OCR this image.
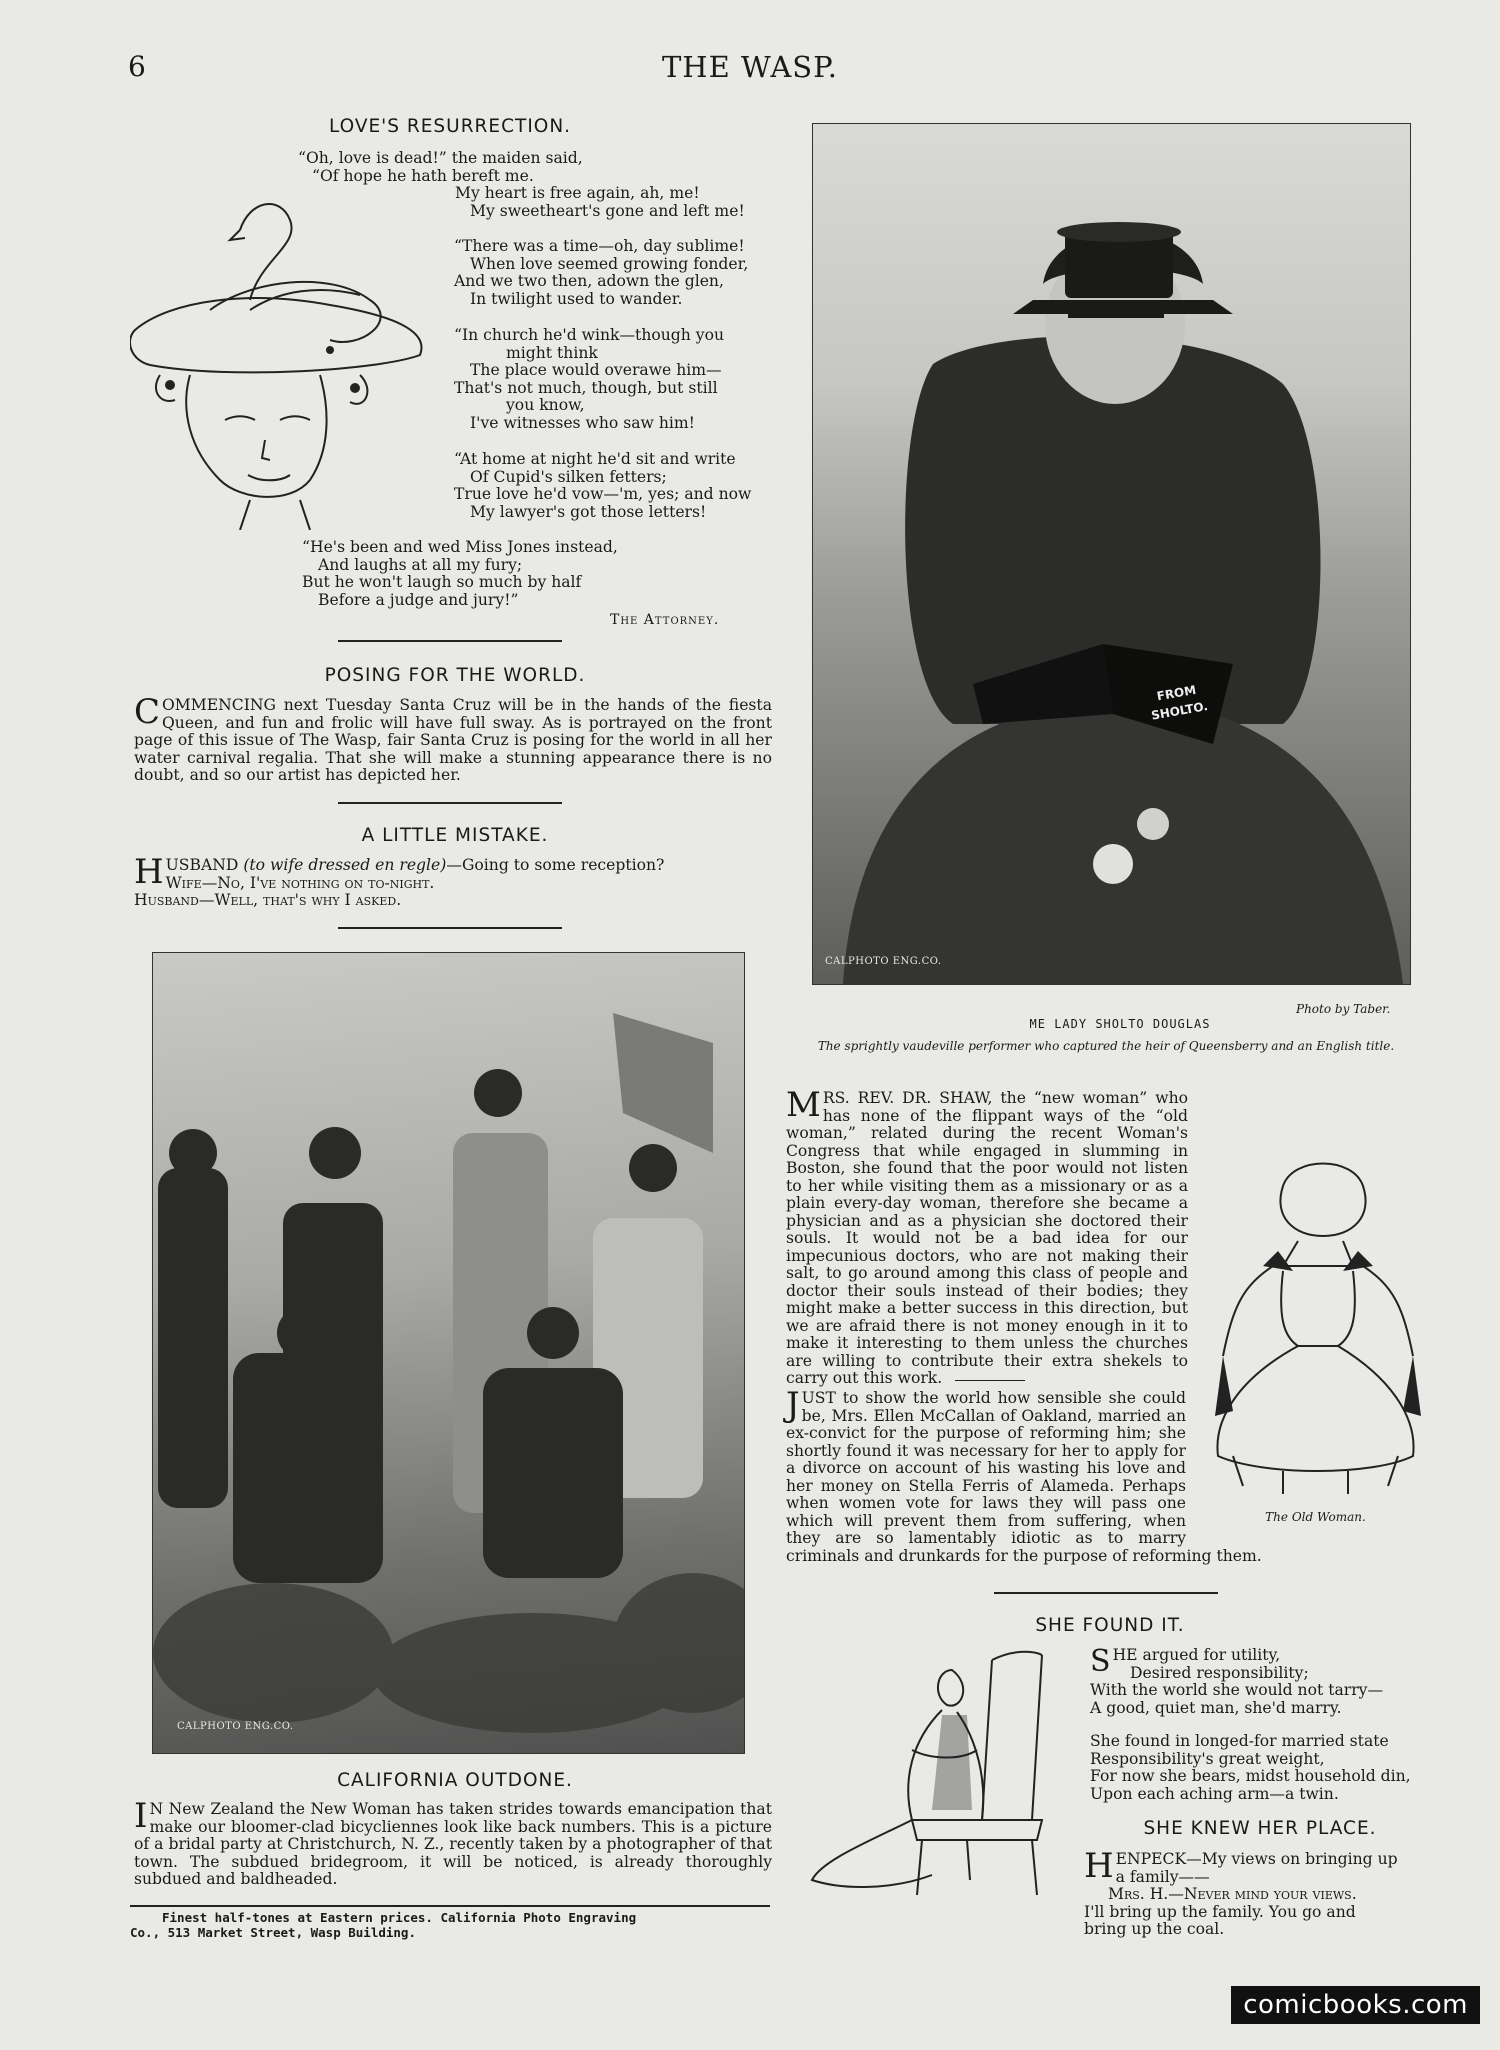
6	THE WASP.
LOVE'S RESURRECTION.
“Oh, love is dead!” the maiden said,
“Of hope he hath bereft me.
My heart is free again, ah, me!
My sweetheart's gone and left me!
“There was a time—oh, day sublime!
When love seemed growing fonder,
And we two then, adown the glen,
In twilight used to wander.
“In church he'd wink—though you
might think
The place would overawe him—
That's not much, though, but still
you know,
I've witnesses who saw him!
“At home at night he'd sit and write
Of Cupid's silken fetters;
True love he'd vow—'m, yes; and now
My lawyer's got those letters!
“He's been and wed Miss Jones instead,
And laughs at all my fury;
But he won't laugh so much by half
Before a judge and jury!”
The Attorney.
POSING FOR THE WORLD.
COMMENCING next Tuesday Santa Cruz will be in the hands of the fiesta Queen, and fun and frolic will have full sway. As is portrayed on the front page of this issue of The Wasp, fair Santa Cruz is posing for the world in all her water carnival regalia. That she will make a stunning appearance there is no doubt, and so our artist has depicted her.
A LITTLE MISTAKE.
H USBAND (to wife dressed en regle)—Going to some reception?
Wife—No, I've nothing on to-night.
Husband—Well, that's why I asked.
CALPHOTO ENG.CO.
CALIFORNIA OUTDONE.
I N New Zealand the New Woman has taken strides towards emancipation that make our bloomer-clad bicycliennes look like back numbers. This is a picture of a bridal party at Christchurch, N. Z., recently taken by a photographer of that town. The subdued bridegroom, it will be noticed, is already thoroughly subdued and baldheaded.
Finest half-tones at Eastern prices. California Photo Engraving
Co., 513 Market Street, Wasp Building.
FROM SHOLTO.
CALPHOTO ENG.CO.
Photo by Taber.
ME LADY SHOLTO DOUGLAS
The sprightly vaudeville performer who captured the heir of Queensberry and an English title.
The Old Woman.
MRS. REV. DR. SHAW, the “new woman” who has none of the flippant ways of the “old woman,” related during the recent Woman's Congress that while engaged in slumming in Boston, she found that the poor would not listen to her while visiting them as a missionary or as a plain every-day woman, therefore she became a physician and as a physician she doctored their souls. It would not be a bad idea for our impecunious doctors, who are not making their salt, to go around among this class of people and doctor their souls instead of their bodies; they might make a better success in this direction, but we are afraid there is not money enough in it to make it interesting to them unless the churches are willing to contribute their extra shekels to carry out this work.
JUST to show the world how sensible she could be, Mrs. Ellen McCallan of Oakland, married an ex-convict for the purpose of reforming him; she shortly found it was necessary for her to apply for a divorce on account of his wasting his love and her money on Stella Ferris of Alameda. Perhaps when women vote for laws they will pass one which will prevent them from suffering, when they are so lamentably idiotic as to marry criminals and drunkards for the purpose of reforming them.
SHE FOUND IT.
S HE argued for utility,
Desired responsibility;
With the world she would not tarry—
A good, quiet man, she'd marry.
She found in longed-for married state
Responsibility's great weight,
For now she bears, midst household din,
Upon each aching arm—a twin.
SHE KNEW HER PLACE.
H ENPECK—My views on bringing up
a family——
Mrs. H.—Never mind your views.
I'll bring up the family. You go and
bring up the coal.
comicbooks.com
